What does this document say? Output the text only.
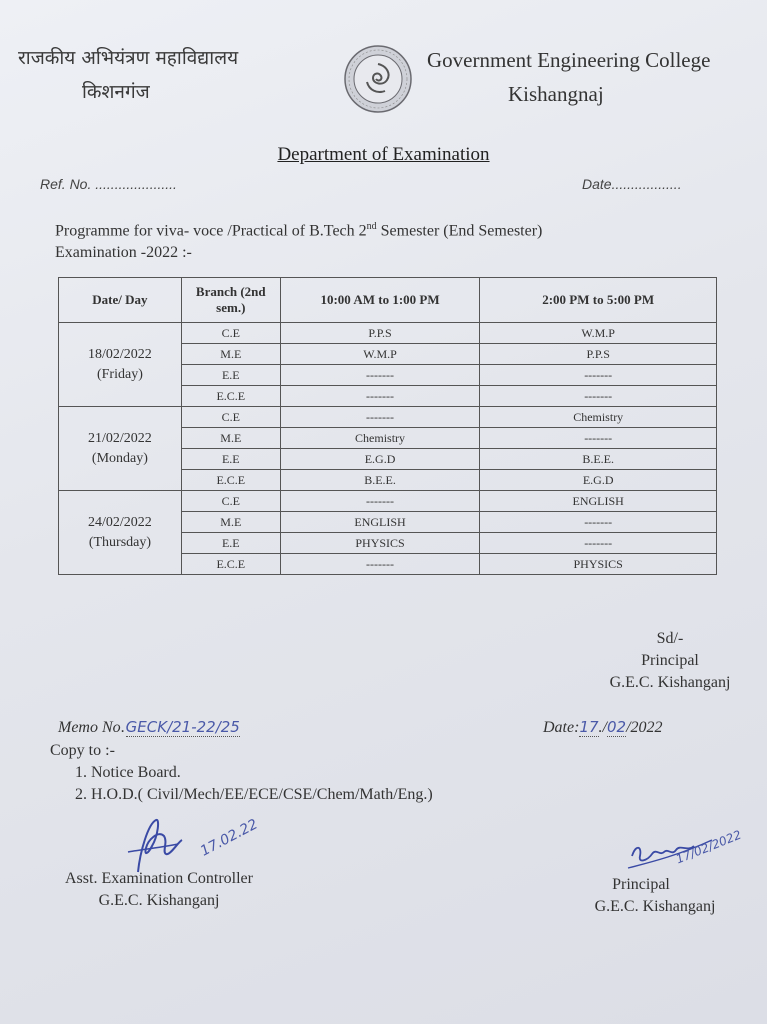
राजकीय अभियंत्रण महाविद्यालय
किशनगंज
Government Engineering College
Kishangnaj
Department of Examination
Ref. No. .....................	Date..................
Programme for viva- voce /Practical of B.Tech 2nd Semester (End Semester)
Examination -2022 :-
Date/ Day	Branch (2nd sem.)	10:00 AM to 1:00 PM	2:00 PM to 5:00 PM

18/02/2022
(Friday)	C.E	P.P.S	W.M.P
	M.E	W.M.P	P.P.S
	E.E	-------	-------
	E.C.E	-------	-------

21/02/2022
(Monday)	C.E	-------	Chemistry
	M.E	Chemistry	-------
	E.E	E.G.D	B.E.E.
	E.C.E	B.E.E.	E.G.D

24/02/2022
(Thursday)	C.E	-------	ENGLISH
	M.E	ENGLISH	-------
	E.E	PHYSICS	-------
	E.C.E	-------	PHYSICS
Sd/-
Principal
G.E.C. Kishanganj
Memo No.GECK/21-22/25	Date:17./02/2022
Copy to :-
1. Notice Board.
2. H.O.D.( Civil/Mech/EE/ECE/CSE/Chem/Math/Eng.)
17.02.22
Asst. Examination Controller
G.E.C. Kishanganj
17/02/2022
Principal
G.E.C. Kishanganj
